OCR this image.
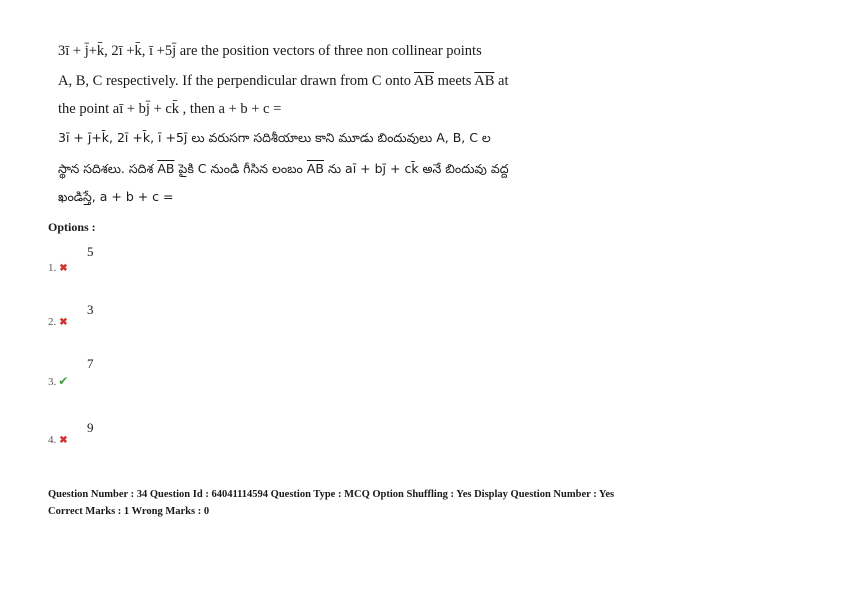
3ī + j̄+k̄, 2ī +k̄, ī +5j̄ are the position vectors of three non collinear points
A, B, C respectively. If the perpendicular drawn from C onto $\overline{AB}$ meets $\overline{AB}$ at
the point aī + bj̄ + ck̄ , then a + b + c =
3ī + j̄+k̄, 2ī +k̄, ī +5j̄ లు వరుసగా సదిశీయాలు కాని మూడు బిందువులు A, B, C ల
స్థాన సదిశలు. సదిశ $\overline{AB}$ పైకి C నుండి గీసిన లంబం $\overline{AB}$ ను aī + bj̄ + ck̄ అనే బిందువు వద్ద
ఖండిస్తే, a + b + c =
Options :
5
1. ✖
3
2. ✖
7
3. ✔
9
4. ✖
Question Number : 34 Question Id : 64041114594 Question Type : MCQ Option Shuffling : Yes Display Question Number : Yes
Correct Marks : 1 Wrong Marks : 0
